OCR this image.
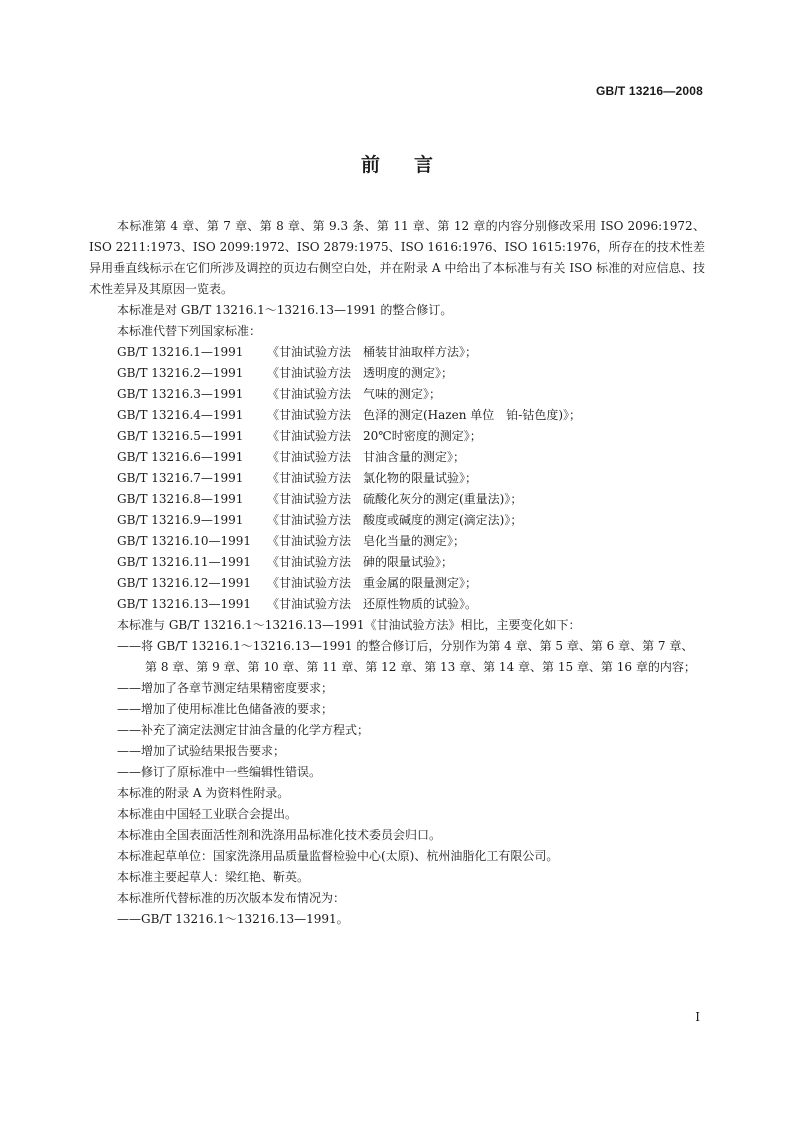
GB/T 13216—2008
前言

本标准第 4 章、第 7 章、第 8 章、第 9.3 条、第 11 章、第 12 章的内容分别修改采用 ISO 2096:1972、ISO 2211:1973、ISO 2099:1972、ISO 2879:1975、ISO 1616:1976、ISO 1615:1976，所存在的技术性差异用垂直线标示在它们所涉及调控的页边右侧空白处，并在附录 A 中给出了本标准与有关 ISO 标准的对应信息、技术性差异及其原因一览表。

本标准是对 GB/T 13216.1～13216.13—1991 的整合修订。

本标准代替下列国家标准：

GB/T 13216.1—1991 《甘油试验方法　桶装甘油取样方法》；

GB/T 13216.2—1991 《甘油试验方法　透明度的测定》；

GB/T 13216.3—1991 《甘油试验方法　气味的测定》；

GB/T 13216.4—1991 《甘油试验方法　色泽的测定(Hazen 单位　铂-钴色度)》；

GB/T 13216.5—1991 《甘油试验方法　20℃时密度的测定》；

GB/T 13216.6—1991 《甘油试验方法　甘油含量的测定》；

GB/T 13216.7—1991 《甘油试验方法　氯化物的限量试验》；

GB/T 13216.8—1991 《甘油试验方法　硫酸化灰分的测定(重量法)》；

GB/T 13216.9—1991 《甘油试验方法　酸度或碱度的测定(滴定法)》；

GB/T 13216.10—1991 《甘油试验方法　皂化当量的测定》；

GB/T 13216.11—1991 《甘油试验方法　砷的限量试验》；

GB/T 13216.12—1991 《甘油试验方法　重金属的限量测定》；

GB/T 13216.13—1991 《甘油试验方法　还原性物质的试验》。

本标准与 GB/T 13216.1～13216.13—1991《甘油试验方法》相比，主要变化如下：

——将 GB/T 13216.1～13216.13—1991 的整合修订后，分别作为第 4 章、第 5 章、第 6 章、第 7 章、第 8 章、第 9 章、第 10 章、第 11 章、第 12 章、第 13 章、第 14 章、第 15 章、第 16 章的内容；

——增加了各章节测定结果精密度要求；

——增加了使用标准比色储备液的要求；

——补充了滴定法测定甘油含量的化学方程式；

——增加了试验结果报告要求；

——修订了原标准中一些编辑性错误。

本标准的附录 A 为资料性附录。

本标准由中国轻工业联合会提出。

本标准由全国表面活性剂和洗涤用品标准化技术委员会归口。

本标准起草单位：国家洗涤用品质量监督检验中心(太原)、杭州油脂化工有限公司。

本标准主要起草人：梁红艳、靳英。

本标准所代替标准的历次版本发布情况为：

——GB/T 13216.1～13216.13—1991。

I
